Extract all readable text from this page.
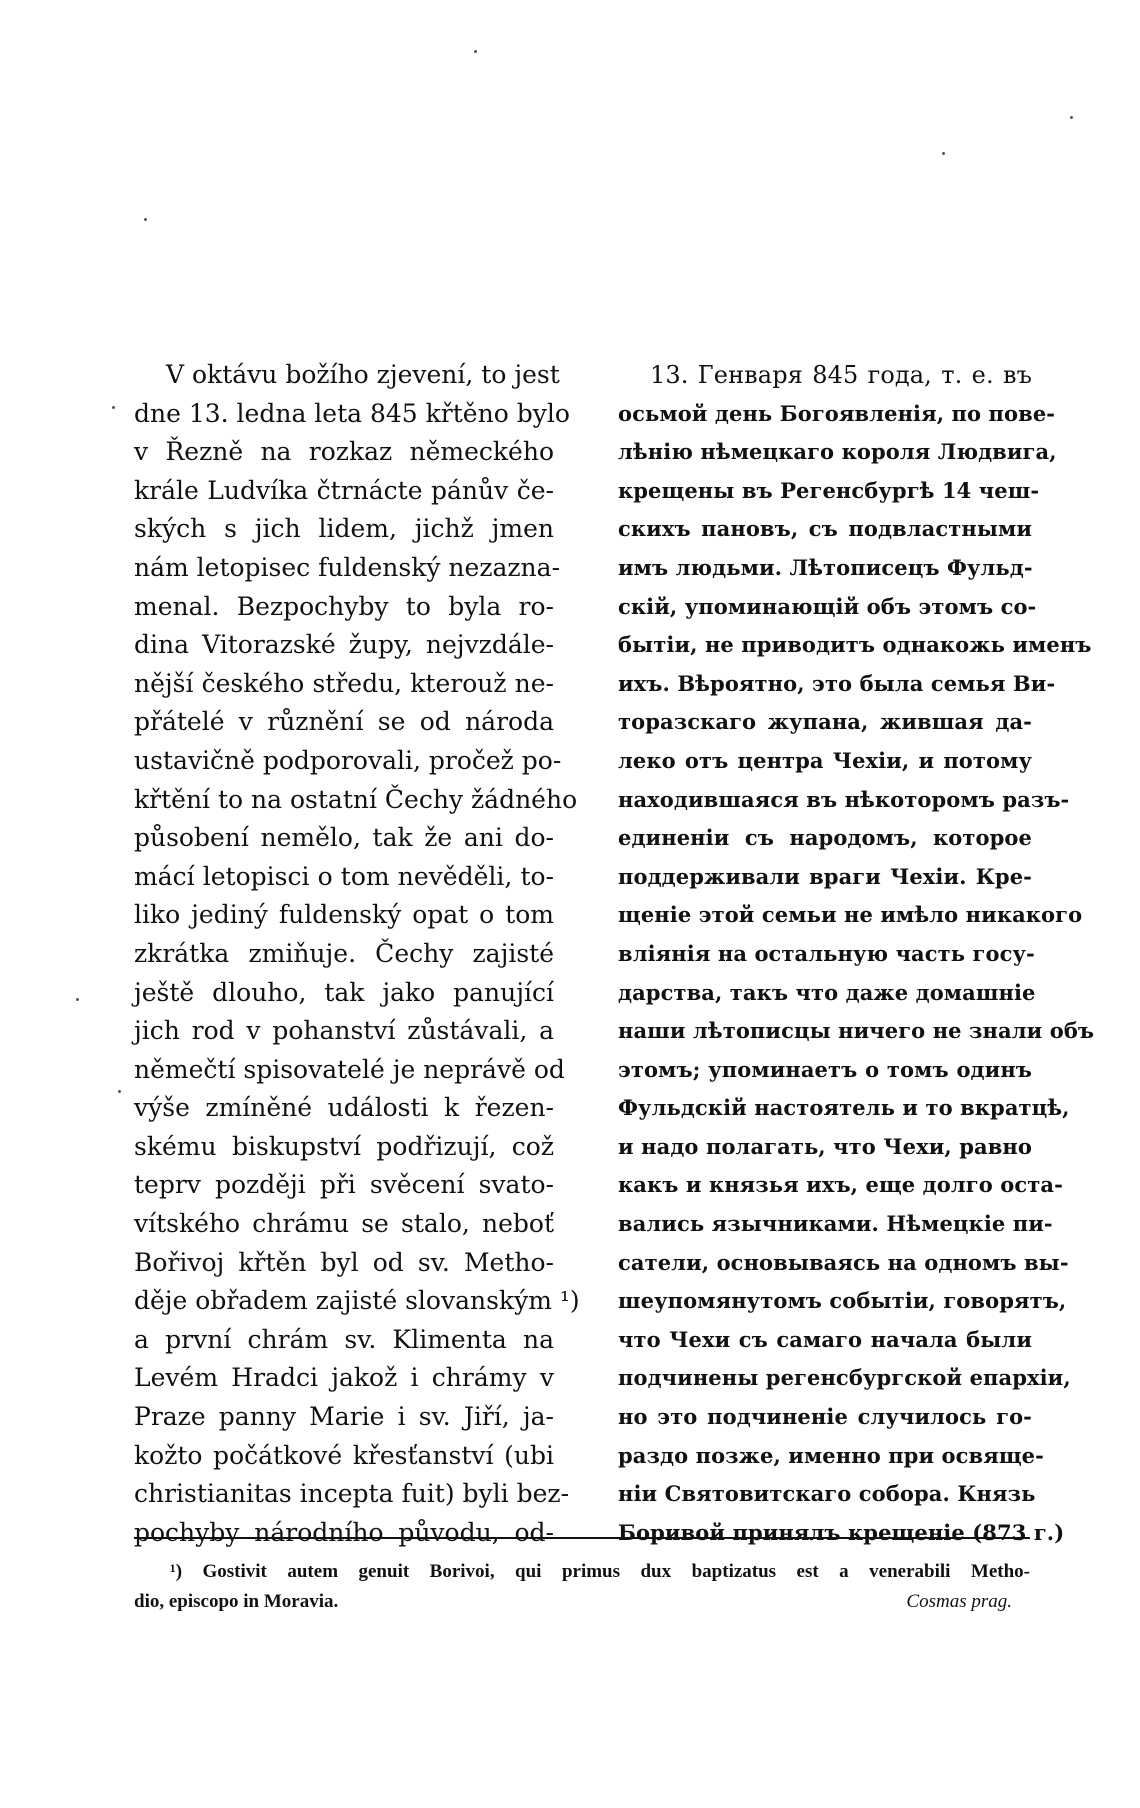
V oktávu božího zjevení, to jest
dne 13. ledna leta 845 křtěno bylo
v Řezně na rozkaz německého
krále Ludvíka čtrnácte pánův če-
ských s jich lidem, jichž jmen
nám letopisec fuldenský nezazna-
menal. Bezpochyby to byla ro-
dina Vitorazské župy, nejvzdále-
nější českého středu, kterouž ne-
přátelé v různění se od národa
ustavičně podporovali, pročež po-
křtění to na ostatní Čechy žádného
působení nemělo, tak že ani do-
mácí letopisci o tom nevěděli, to-
liko jediný fuldenský opat o tom
zkrátka zmiňuje. Čechy zajisté
ještě dlouho, tak jako panující
jich rod v pohanství zůstávali, a
němečtí spisovatelé je neprávě od
výše zmíněné události k řezen-
skému biskupství podřizují, což
teprv později při svěcení svato-
vítského chrámu se stalo, neboť
Bořivoj křtěn byl od sv. Metho-
děje obřadem zajisté slovanským ¹)
a první chrám sv. Klimenta na
Levém Hradci jakož i chrámy v
Praze panny Marie i sv. Jiří, ja-
kožto počátkové křesťanství (ubi
christianitas incepta fuit) byli bez-
pochyby národního původu, od-
13. Генваря 845 года, т. е. въ
осьмой день Богоявленія, по пове-
лѣнію нѣмецкаго короля Людвига,
крещены въ Регенсбургѣ 14 чеш-
скихъ пановъ, съ подвластными
имъ людьми. Лѣтописецъ Фульд-
скій, упоминающій объ этомъ со-
бытіи, не приводитъ однакожь именъ
ихъ. Вѣроятно, это была семья Ви-
торазскаго жупана, жившая да-
леко отъ центра Чехіи, и потому
находившаяся въ нѣкоторомъ разъ-
единеніи съ народомъ, которое
поддерживали враги Чехіи. Кре-
щеніе этой семьи не имѣло никакого
вліянія на остальную часть госу-
дарства, такъ что даже домашніе
наши лѣтописцы ничего не знали объ
этомъ; упоминаетъ о томъ одинъ
Фульдскій настоятель и то вкратцѣ,
и надо полагать, что Чехи, равно
какъ и князья ихъ, еще долго оста-
вались язычниками. Нѣмецкіе пи-
сатели, основываясь на одномъ вы-
шеупомянутомъ событіи, говорятъ,
что Чехи съ самаго начала были
подчинены регенсбургской епархіи,
но это подчиненіе случилось го-
раздо позже, именно при освяще-
ніи Святовитскаго собора. Князь
Боривой принялъ крещеніе (873 г.)
¹) Gostivit autem genuit Borivoi, qui primus dux baptizatus est a venerabili Metho-
dio, episcopo in Moravia.	Cosmas prag.
